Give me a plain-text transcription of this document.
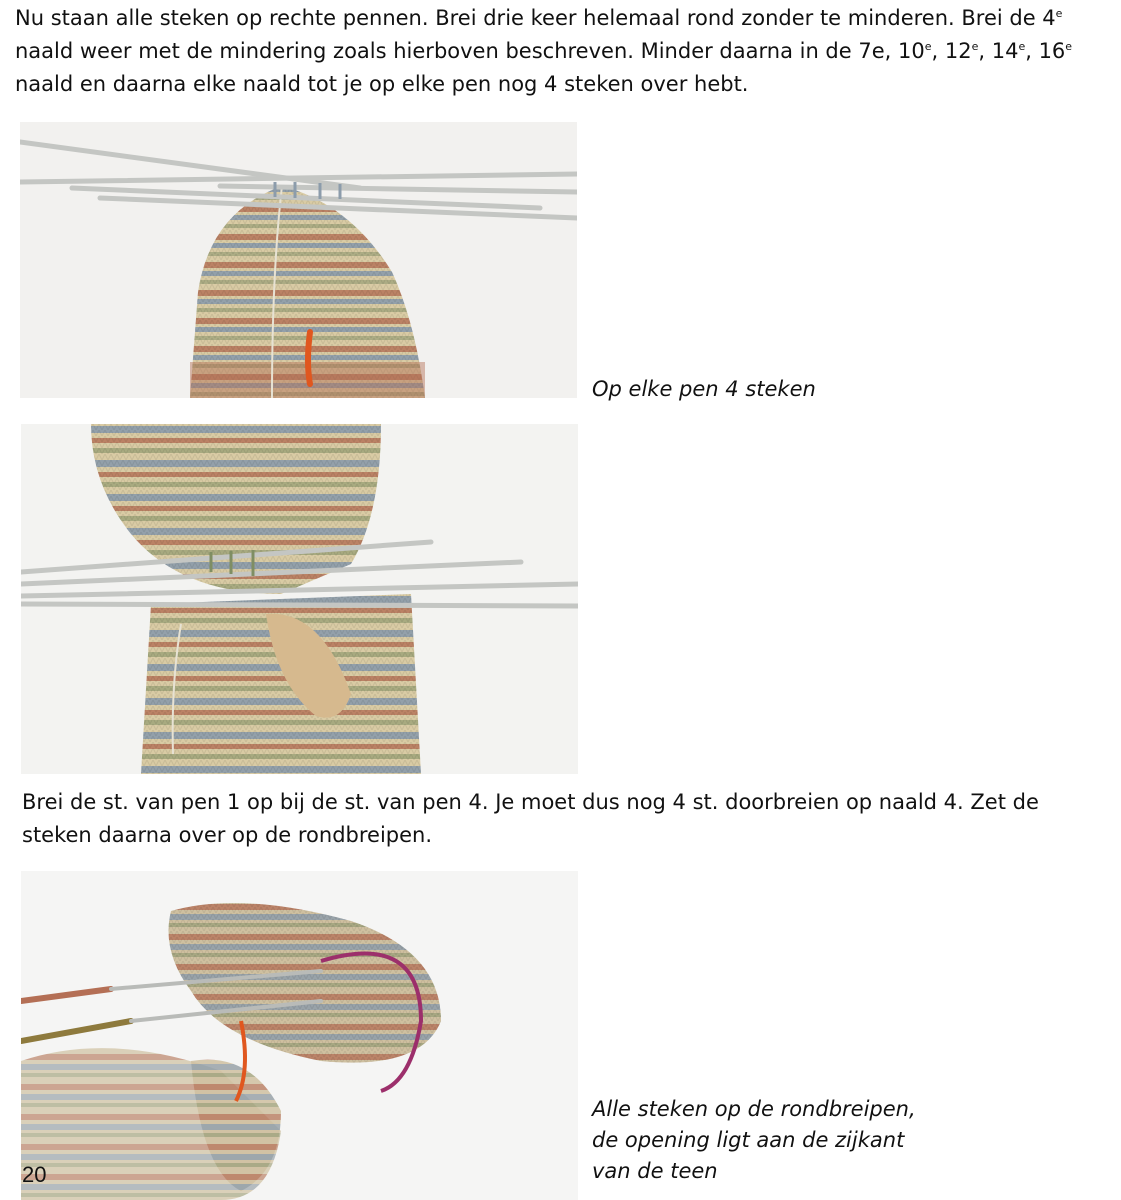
Nu staan alle steken op rechte pennen. Brei drie keer helemaal rond zonder te minderen. Brei de 4e naald weer met de mindering zoals hierboven beschreven. Minder daarna in de 7e, 10e, 12e, 14e, 16e naald en daarna elke naald tot je op elke pen nog 4 steken over hebt.

Op elke pen 4 steken

Brei de st. van pen 1 op bij de st. van pen 4. Je moet dus nog 4 st. doorbreien op naald 4. Zet de steken daarna over op de rondbreipen.

Alle steken op de rondbreipen,
de opening ligt aan de zijkant
van de teen
20
